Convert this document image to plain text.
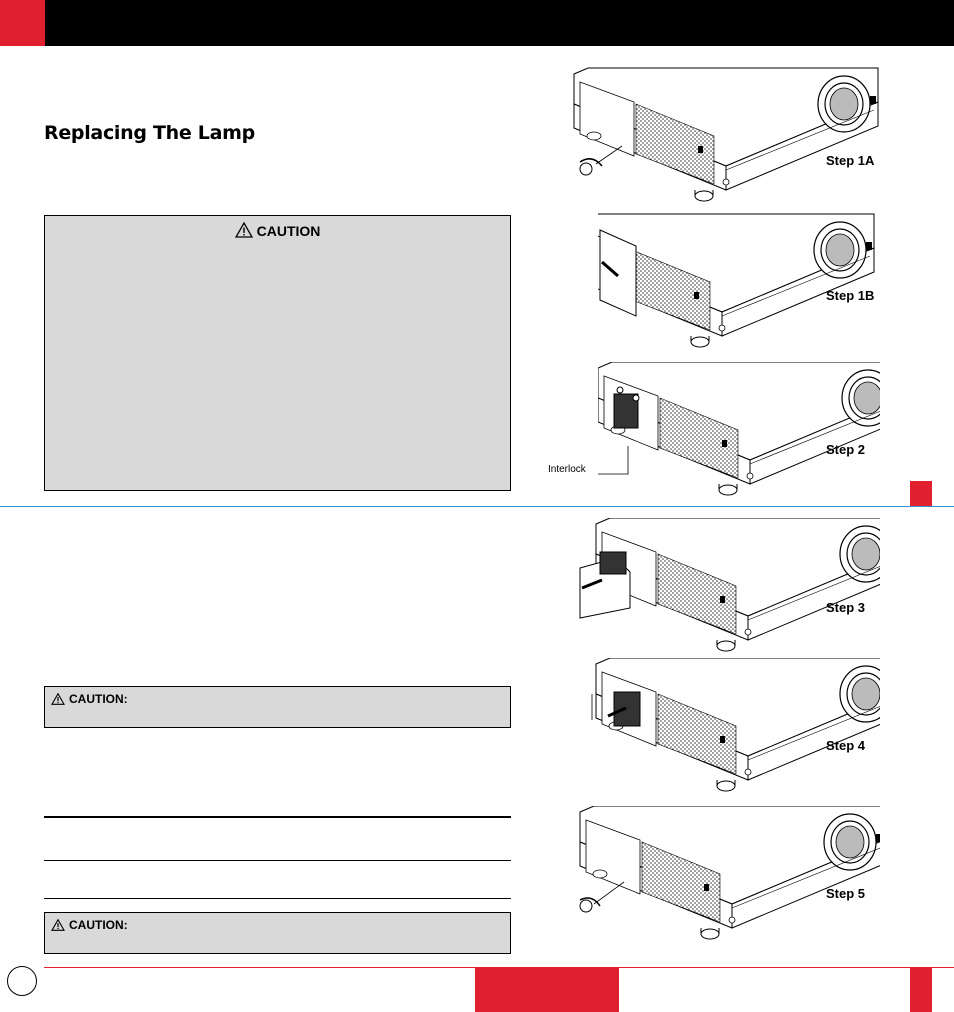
Replacing The Lamp
CAUTION
CAUTION:
CAUTION:
Step 1A
Step 1B
Interlock
Step 2
Step 3
Step 4
Step 5
